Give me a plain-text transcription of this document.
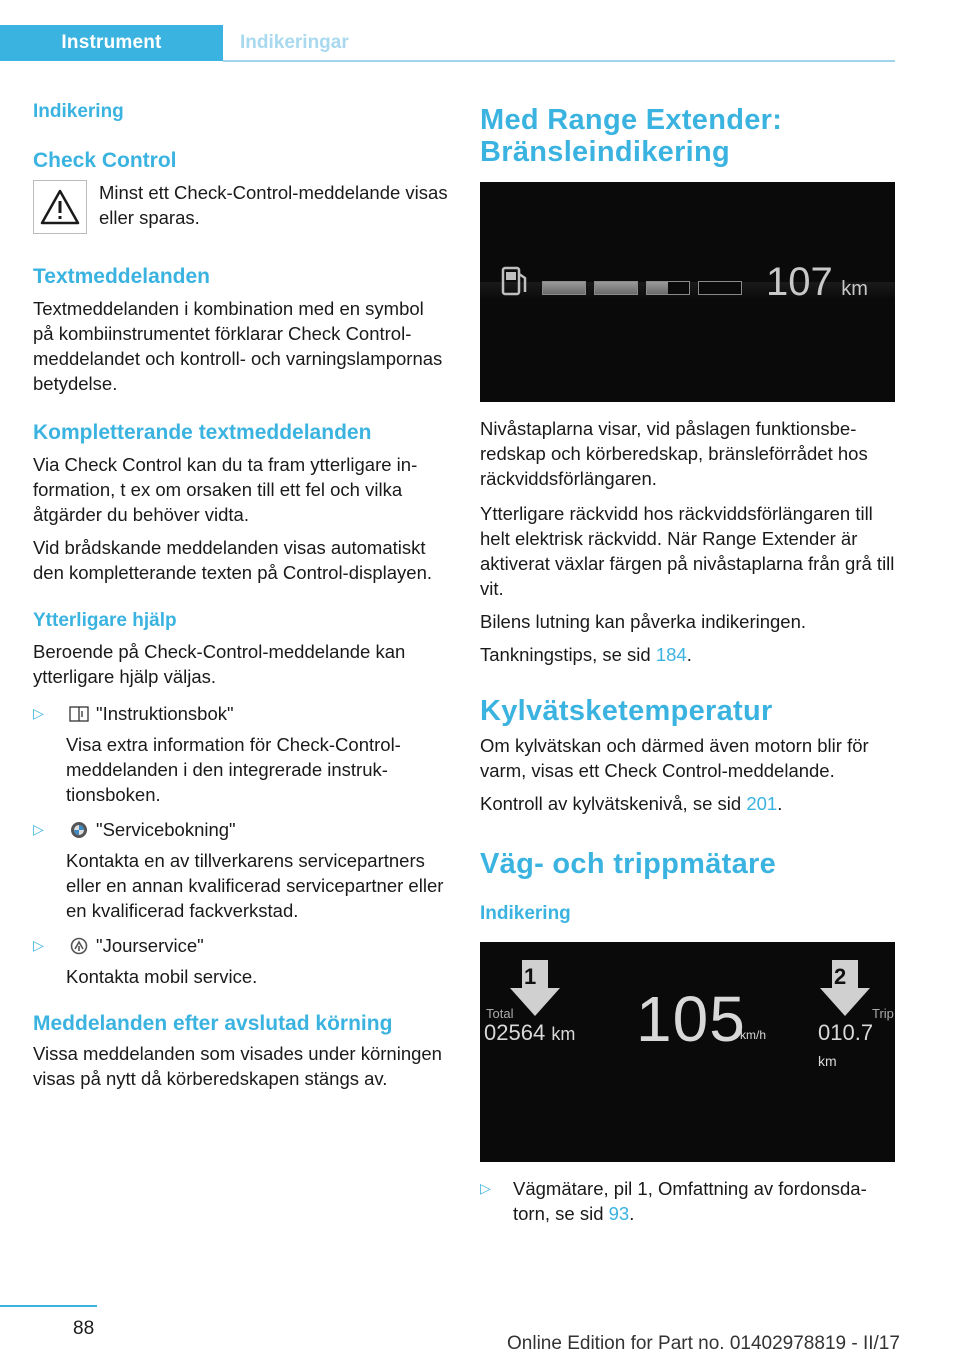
Instrument	Indikeringar
Indikering
Check Control

Minst ett Check-Control-meddelande visas eller sparas.

Textmeddelanden

Textmeddelanden i kombination med en symbol på kombiinstrumentet förklarar Check Control-meddelandet och kontroll- och varningslampornas betydelse.

Kompletterande textmeddelanden

Via Check Control kan du ta fram ytterligare information, t ex om orsaken till ett fel och vilka åtgärder du behöver vidta.

Vid brådskande meddelanden visas automatiskt den kompletterande texten på Control-displayen.

Ytterligare hjälp

Beroende på Check-Control-meddelande kan ytterligare hjälp väljas.

▷	"Instruktionsbok"

Visa extra information för Check-Control-meddelanden i den integrerade instruktionsboken.

▷	"Servicebokning"

Kontakta en av tillverkarens servicepartners eller en annan kvalificerad servicepartner eller en kvalificerad fackverkstad.

▷	"Jourservice"

Kontakta mobil service.

Meddelanden efter avslutad körning

Vissa meddelanden som visades under körningen visas på nytt då körberedskapen stängs av.

Med Range Extender: Bränsleindikering
107 km

Nivåstaplarna visar, vid påslagen funktionsberedskap och körberedskap, bränsleförrådet hos räckviddsförlängaren.

Ytterligare räckvidd hos räckviddsförlängaren till helt elektrisk räckvidd. När Range Extender är aktiverat växlar färgen på nivåstaplarna från grå till vit.

Bilens lutning kan påverka indikeringen.

Tankningstips, se sid 184.

Kylvätsketemperatur

Om kylvätskan och därmed även motorn blir för varm, visas ett Check Control-meddelande.

Kontroll av kylvätskenivå, se sid 201.

Väg- och trippmätare
Indikering
1	2
Total
02564 km 105
km/h
Trip
010.7 km
▷ Vägmätare, pil 1, Omfattning av fordonsdatorn, se sid 93.

88
Online Edition for Part no. 01402978819 - II/17
